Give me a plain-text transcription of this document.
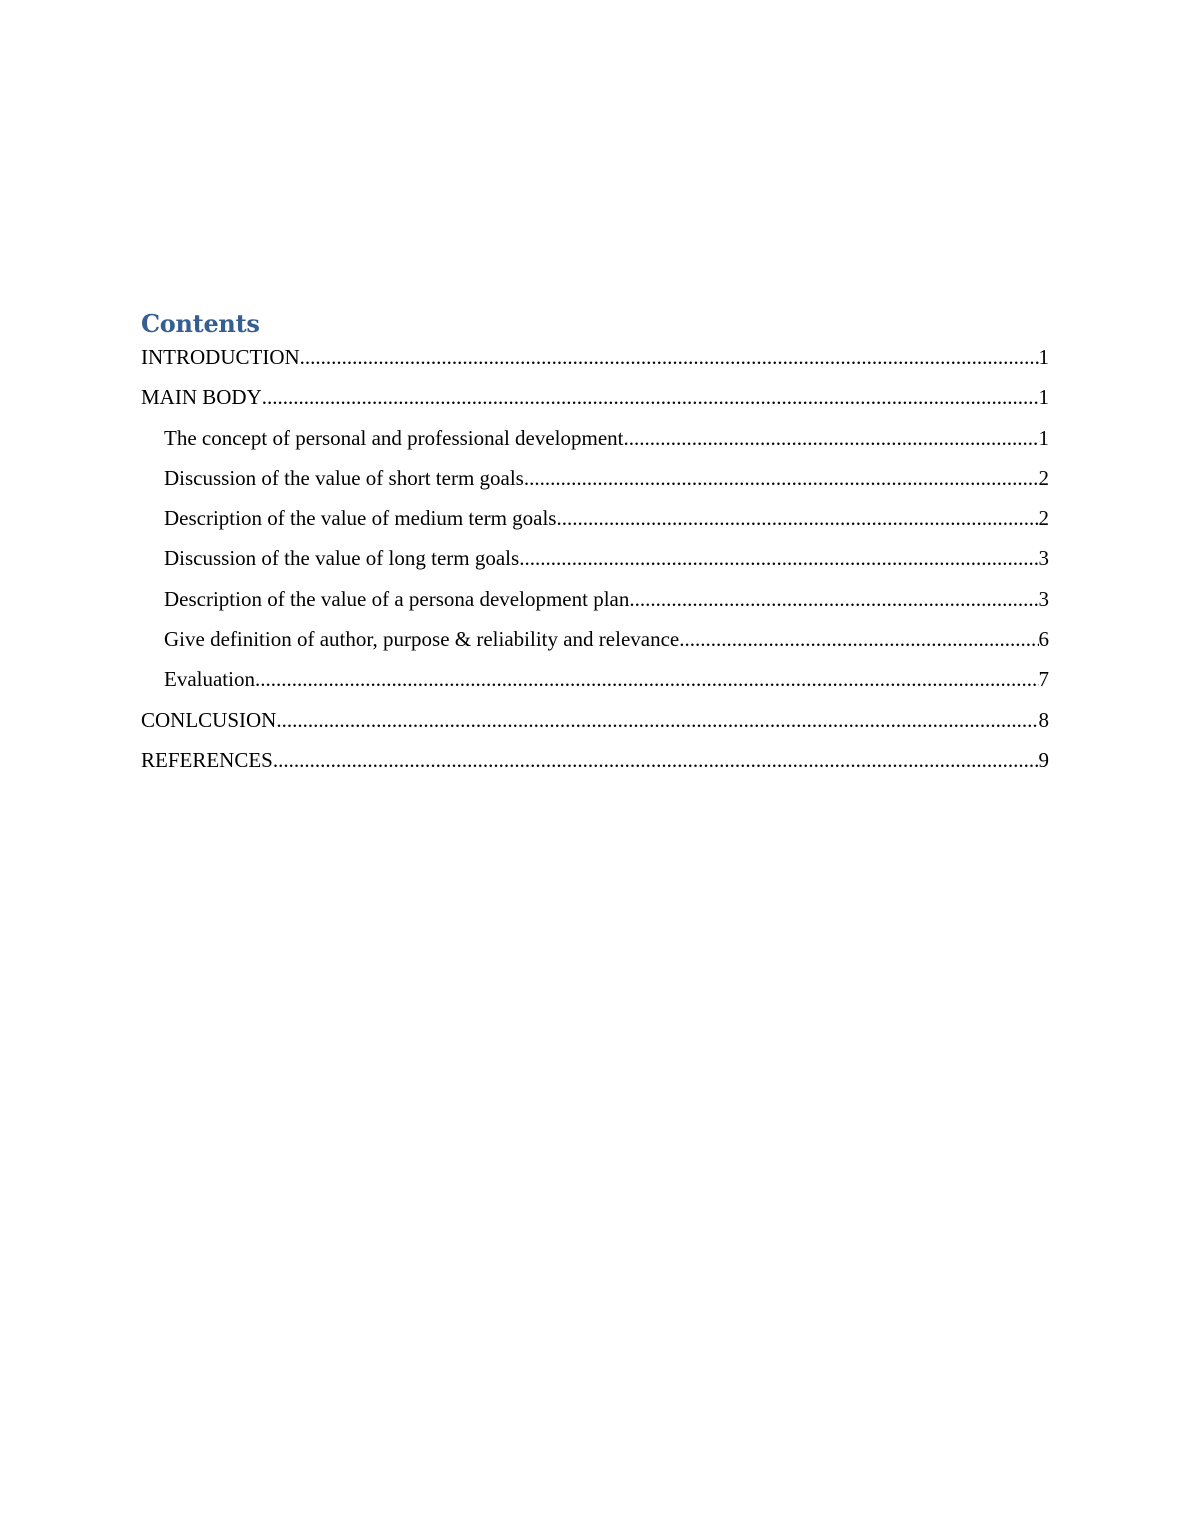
Contents
INTRODUCTION .....	1
MAIN BODY .....	1
The concept of personal and professional development .....	1
Discussion of the value of short term goals .....	2
Description of the value of medium term goals .....	2
Discussion of the value of long term goals .....	3
Description of the value of a persona development plan .....	3
Give definition of author, purpose & reliability and relevance .....	6
Evaluation .....	7
CONLCUSION .....	8
REFERENCES .....	9
